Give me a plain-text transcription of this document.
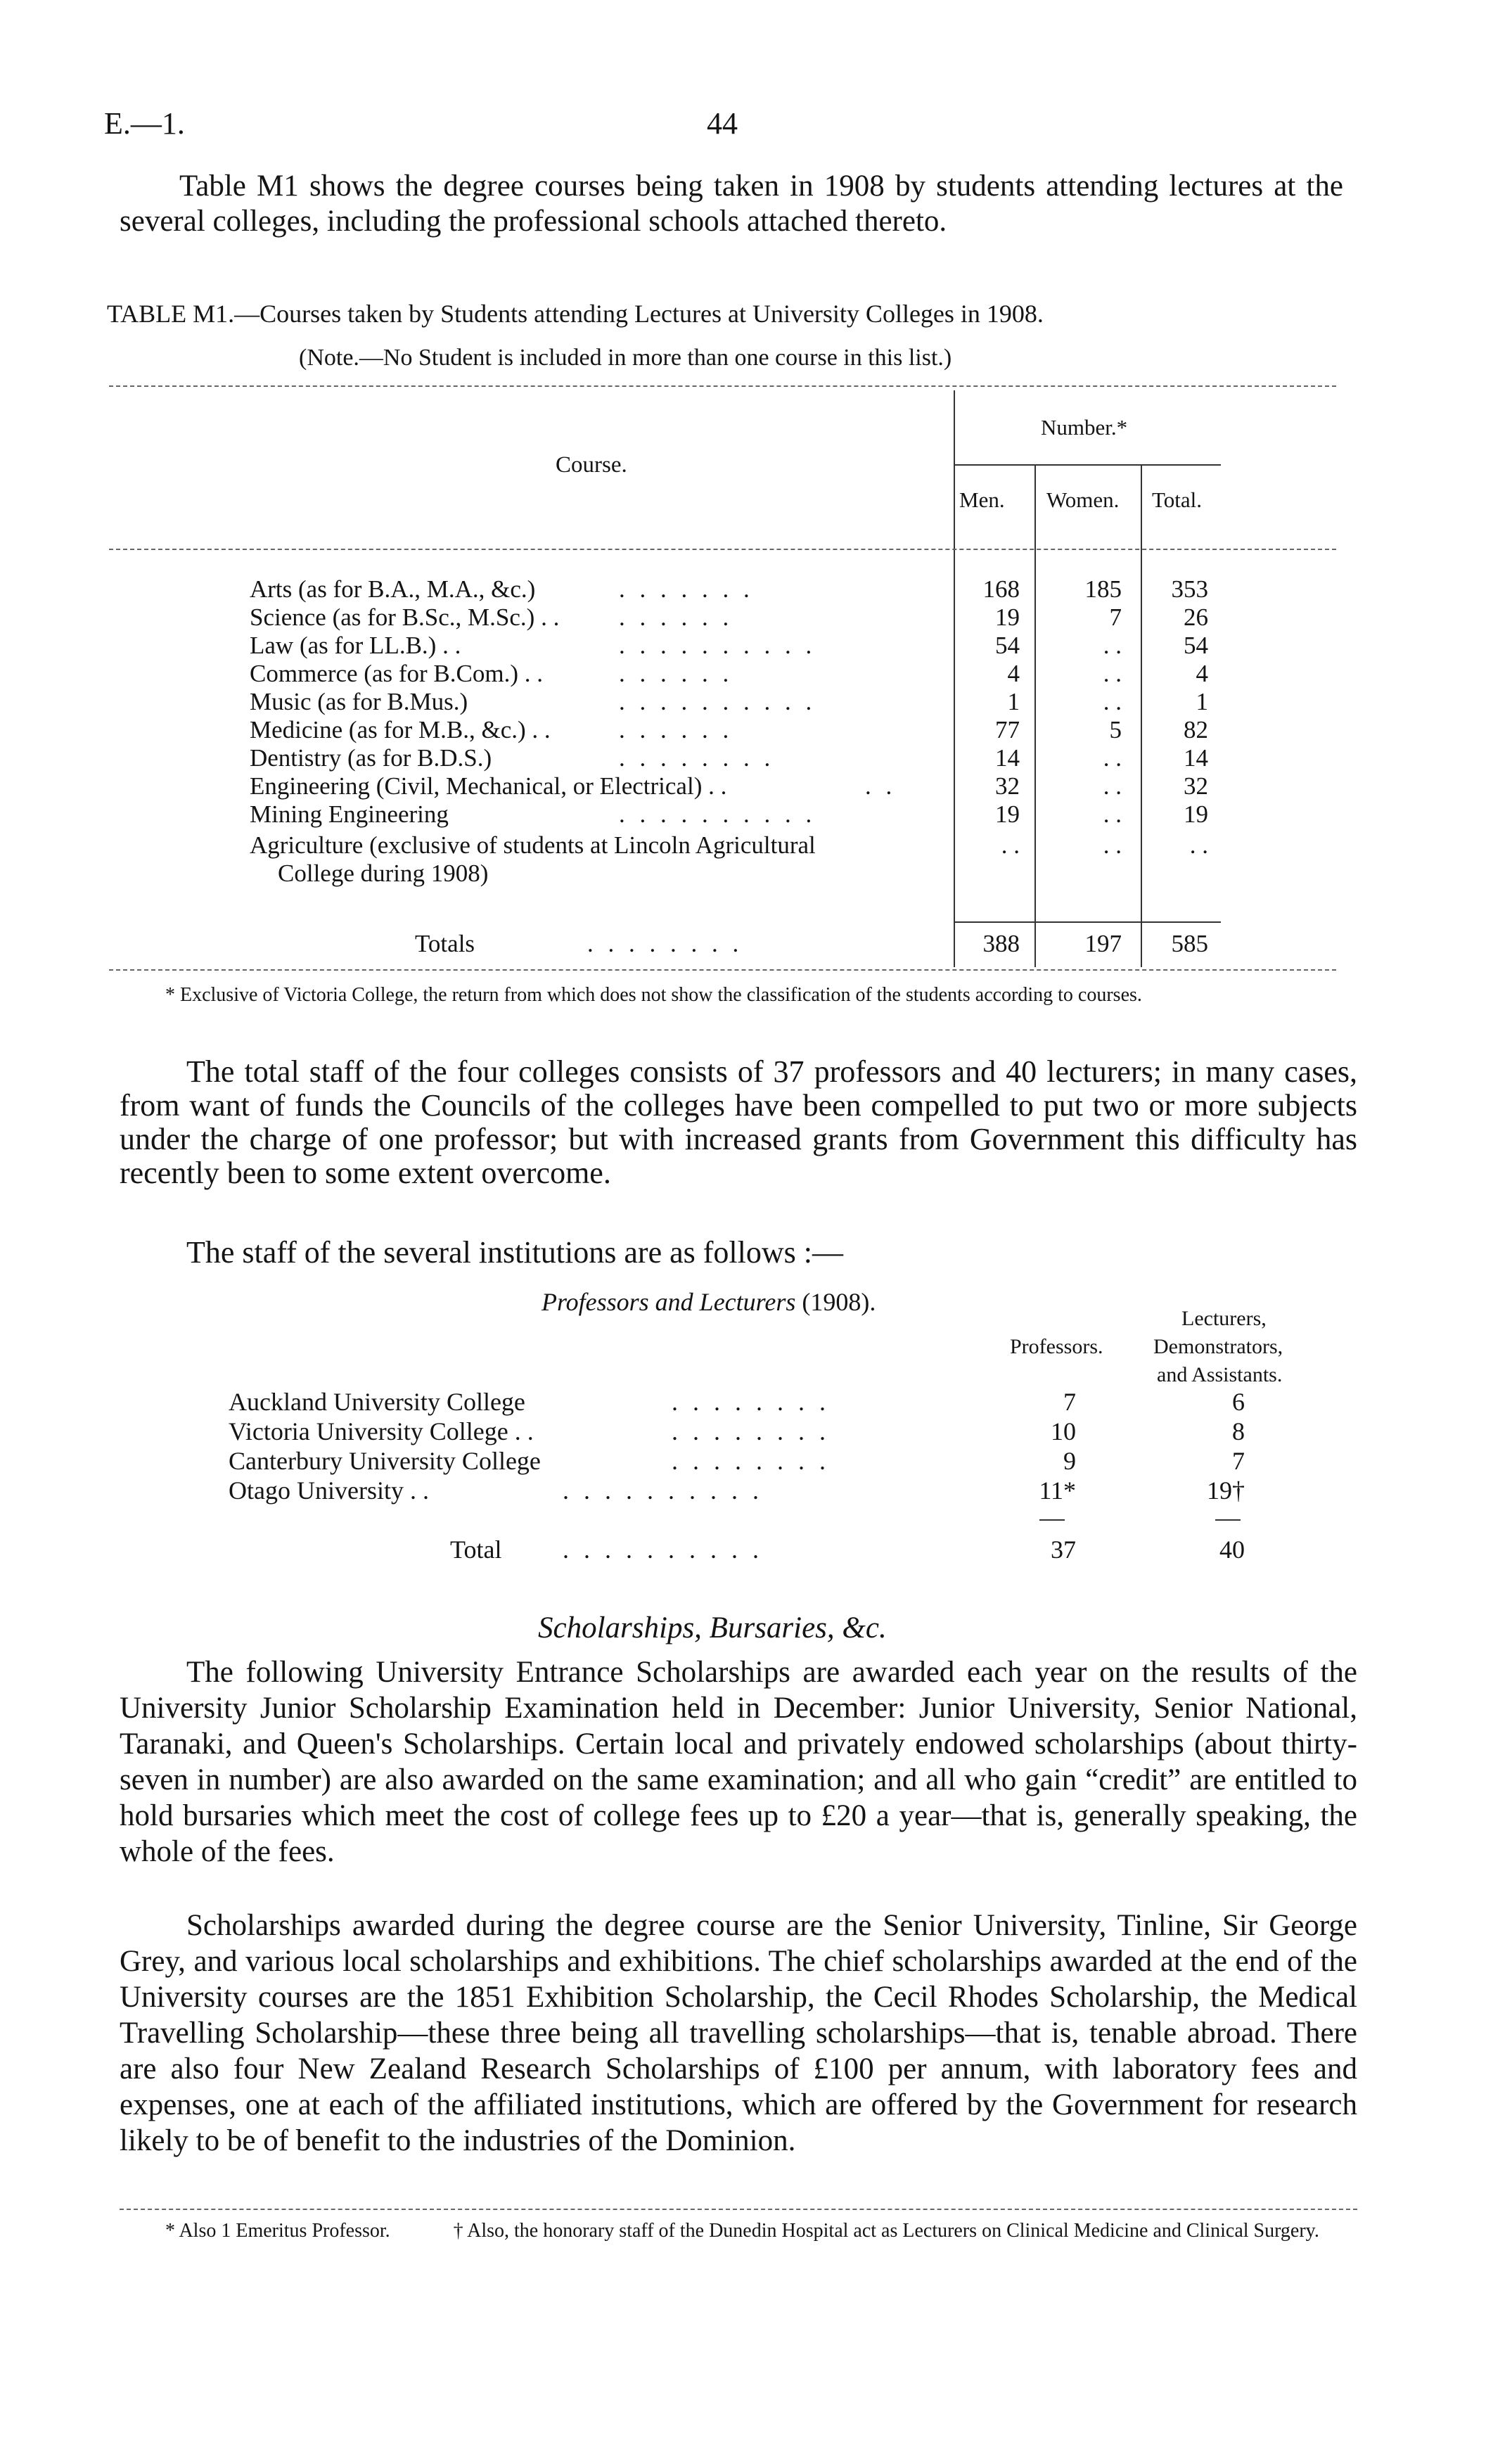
E.—1.	44
Table M1 shows the degree courses being taken in 1908 by students attending lectures at the several colleges, including the professional schools attached thereto.
TABLE M1.—Courses taken by Students attending Lectures at University Colleges in 1908.
(Note.—No Student is included in more than one course in this list.)
Course.
Number.*
Men. Women. Total.
Arts (as for B.A., M.A., &c.)	. . . . . . .	168	185 353
Science (as for B.Sc., M.Sc.) . . . . . . . .	19	7	26
Law (as for LL.B.) . .	. . . . . . . . . .	54	. .	54
Commerce (as for B.Com.) . .	. . . . . .	4	. .	4
Music (as for B.Mus.)	. . . . . . . . . .	1	. .	1
Medicine (as for M.B., &c.) . .	. . . . . .	77	5	82
Dentistry (as for B.D.S.)	. . . . . . . .	14	. .	14
Engineering (Civil, Mechanical, or Electrical) . .	. .	32	. .	32
Mining Engineering	. . . . . . . . . .	19	. .	19
Agriculture (exclusive of students at Lincoln Agricultural	. .	. .	. .
College during 1908)
Totals	. . . . . . . .	388	197 585
* Exclusive of Victoria College, the return from which does not show the classification of the students according to courses.
The total staff of the four colleges consists of 37 professors and 40 lecturers; in many cases, from want of funds the Councils of the colleges have been compelled to put two or more subjects under the charge of one professor; but with increased grants from Government this difficulty has recently been to some extent overcome.
The staff of the several institutions are as follows :—
Professors and Lecturers (1908).
Professors.
Lecturers,
Demonstrators,
and Assistants.
Auckland University College	. . . . . . . .	7	6
Victoria University College . .	. . . . . . . .	10	8
Canterbury University College	. . . . . . . .	9	7
Otago University . .	. . . . . . . . . .	11*	19†
Total . . . . . . . . . .	37	40
Scholarships, Bursaries, &c.
The following University Entrance Scholarships are awarded each year on the results of the University Junior Scholarship Examination held in December: Junior University, Senior National, Taranaki, and Queen's Scholarships. Certain local and privately endowed scholarships (about thirty-seven in number) are also awarded on the same examination; and all who gain “credit” are entitled to hold bursaries which meet the cost of college fees up to £20 a year—that is, generally speaking, the whole of the fees.
Scholarships awarded during the degree course are the Senior University, Tinline, Sir George Grey, and various local scholarships and exhibitions. The chief scholarships awarded at the end of the University courses are the 1851 Exhibition Scholarship, the Cecil Rhodes Scholarship, the Medical Travelling Scholarship—these three being all travelling scholarships—that is, tenable abroad. There are also four New Zealand Research Scholarships of £100 per annum, with laboratory fees and expenses, one at each of the affiliated institutions, which are offered by the Government for research likely to be of benefit to the industries of the Dominion.
* Also 1 Emeritus Professor.	† Also, the honorary staff of the Dunedin Hospital act as Lecturers on Clinical Medicine and Clinical Surgery.
